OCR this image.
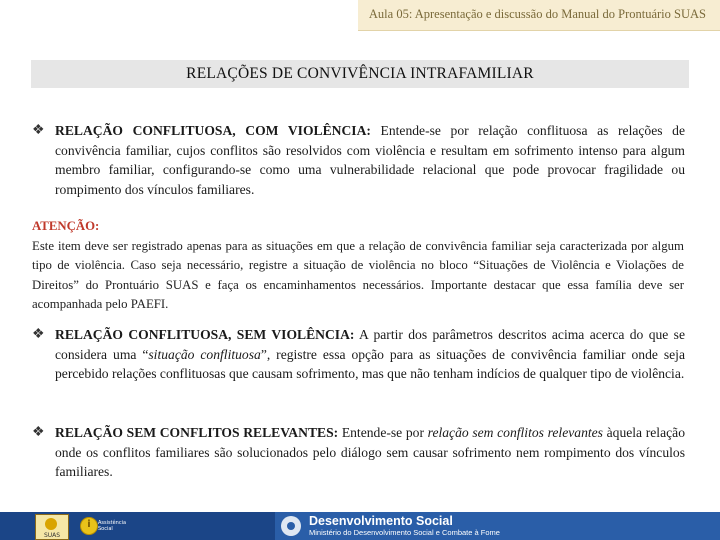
Aula 05: Apresentação e discussão do Manual do Prontuário SUAS
RELAÇÕES DE CONVIVÊNCIA INTRAFAMILIAR
❖ RELAÇÃO CONFLITUOSA, COM VIOLÊNCIA: Entende-se por relação conflituosa as relações de convivência familiar, cujos conflitos são resolvidos com violência e resultam em sofrimento intenso para algum membro familiar, configurando-se como uma vulnerabilidade relacional que pode provocar fragilidade ou rompimento dos vínculos familiares.
ATENÇÃO:
Este item deve ser registrado apenas para as situações em que a relação de convivência familiar seja caracterizada por algum tipo de violência. Caso seja necessário, registre a situação de violência no bloco “Situações de Violência e Violações de Direitos” do Prontuário SUAS e faça os encaminhamentos necessários. Importante destacar que essa família deve ser acompanhada pelo PAEFI.
❖ RELAÇÃO CONFLITUOSA, SEM VIOLÊNCIA: A partir dos parâmetros descritos acima acerca do que se considera uma “situação conflituosa”, registre essa opção para as situações de convivência familiar onde seja percebido relações conflituosas que causam sofrimento, mas que não tenham indícios de qualquer tipo de violência.
❖ RELAÇÃO SEM CONFLITOS RELEVANTES: Entende-se por relação sem conflitos relevantes àquela relação onde os conflitos familiares são solucionados pelo diálogo sem causar sofrimento nem rompimento dos vínculos familiares.
SUAS
i	Assistência Social
Desenvolvimento Social
Ministério do Desenvolvimento Social e Combate à Fome
